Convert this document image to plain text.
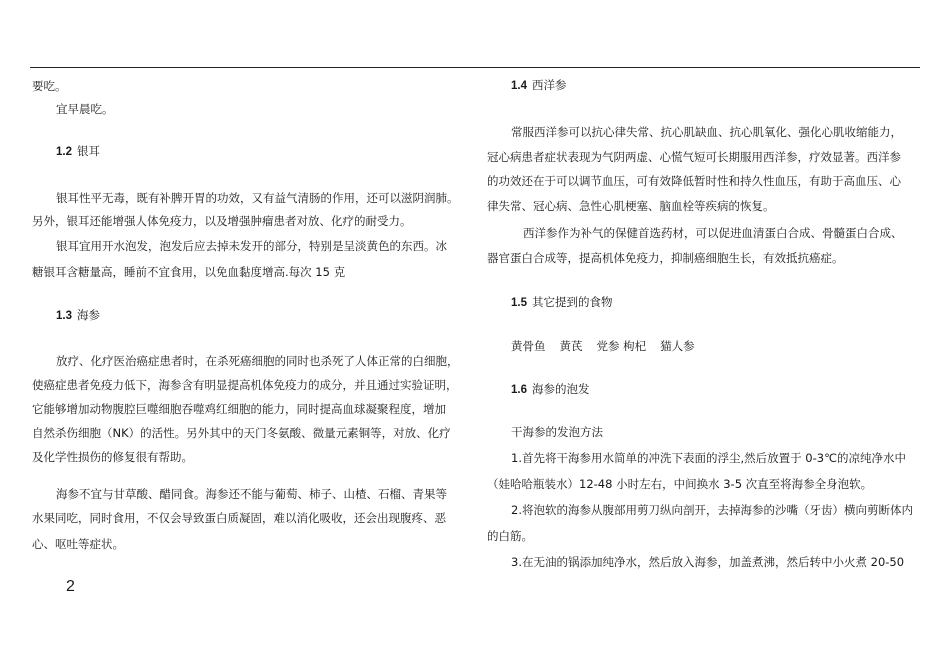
要吃。
宜早晨吃。
1.2 银耳
银耳性平无毒，既有补脾开胃的功效，又有益气清肠的作用，还可以滋阴润肺。
另外，银耳还能增强人体免疫力，以及增强肿瘤患者对放、化疗的耐受力。
银耳宜用开水泡发，泡发后应去掉未发开的部分，特别是呈淡黄色的东西。冰
糖银耳含糖量高，睡前不宜食用，以免血黏度增高.每次 15 克
1.3 海参
放疗、化疗医治癌症患者时，在杀死癌细胞的同时也杀死了人体正常的白细胞，
使癌症患者免疫力低下，海参含有明显提高机体免疫力的成分，并且通过实验证明，
它能够增加动物腹腔巨噬细胞吞噬鸡红细胞的能力，同时提高血球凝聚程度，增加
自然杀伤细胞（NK）的活性。另外其中的天门冬氨酸、微量元素铜等，对放、化疗
及化学性损伤的修复很有帮助。
海参不宜与甘草酸、醋同食。海参还不能与葡萄、柿子、山楂、石榴、青果等
水果同吃，同时食用，不仅会导致蛋白质凝固，难以消化吸收，还会出现腹疼、恶
心、呕吐等症状。
1.4 西洋参
常服西洋参可以抗心律失常、抗心肌缺血、抗心肌氧化、强化心肌收缩能力，
冠心病患者症状表现为气阴两虚、心慌气短可长期服用西洋参，疗效显著。西洋参
的功效还在于可以调节血压，可有效降低暂时性和持久性血压，有助于高血压、心
律失常、冠心病、急性心肌梗塞、脑血栓等疾病的恢复。
西洋参作为补气的保健首选药材，可以促进血清蛋白合成、骨髓蛋白合成、
器官蛋白合成等，提高机体免疫力，抑制癌细胞生长，有效抵抗癌症。
1.5 其它提到的食物
黄骨鱼 黄芪 党参 枸杞 猫人参
1.6 海参的泡发
干海参的发泡方法
1.首先将干海参用水简单的冲洗下表面的浮尘,然后放置于 0-3℃的凉纯净水中
（娃哈哈瓶装水）12-48 小时左右，中间换水 3-5 次直至将海参全身泡软。
2.将泡软的海参从腹部用剪刀纵向剖开，去掉海参的沙嘴（牙齿）横向剪断体内
的白筋。
3.在无油的锅添加纯净水，然后放入海参，加盖煮沸，然后转中小火煮 20-50
2
